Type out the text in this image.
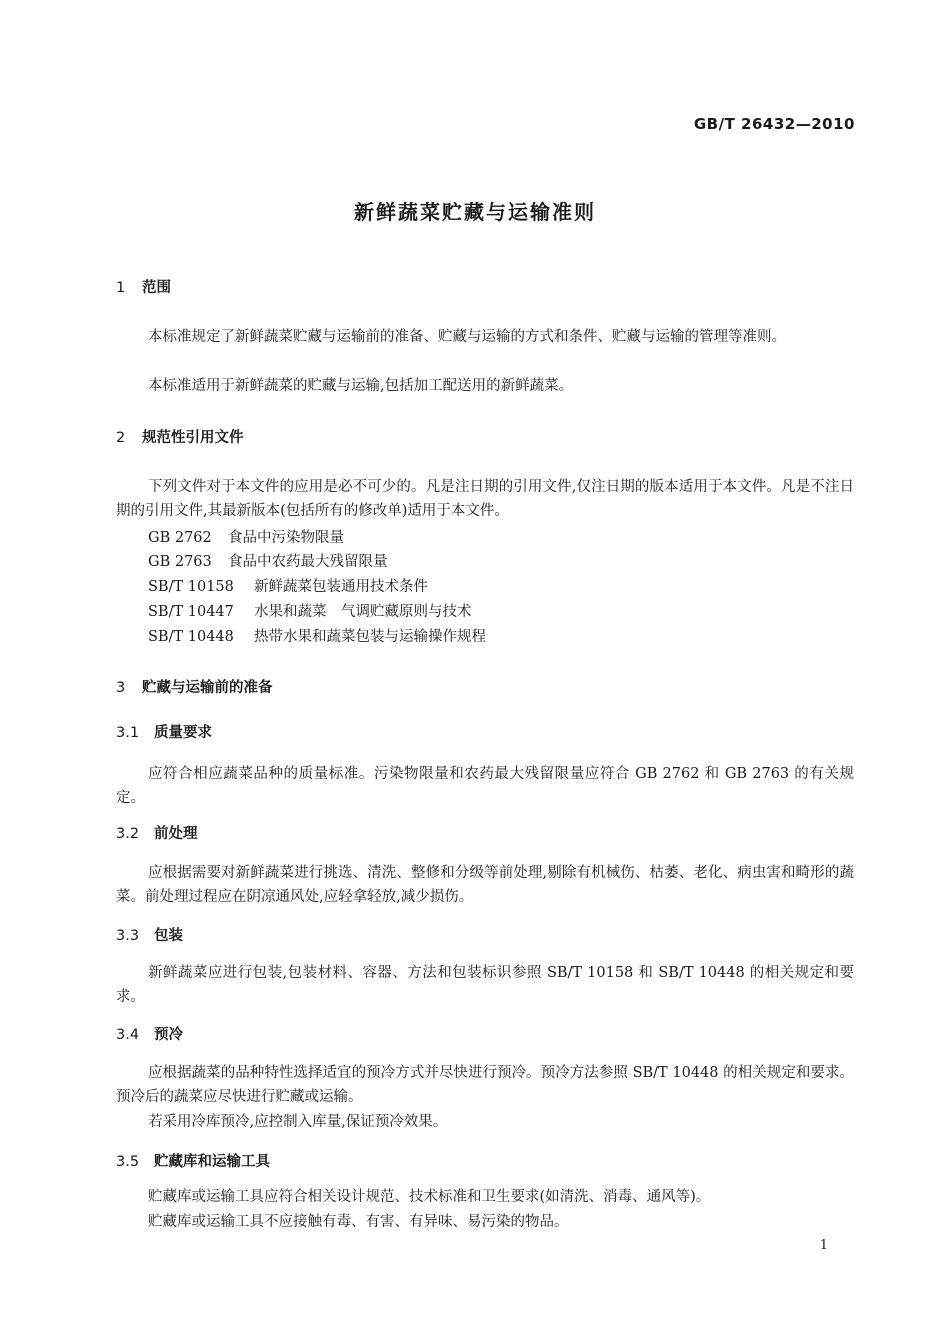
GB/T 26432—2010
新鲜蔬菜贮藏与运输准则
1 范围
本标准规定了新鲜蔬菜贮藏与运输前的准备、贮藏与运输的方式和条件、贮藏与运输的管理等准则。
本标准适用于新鲜蔬菜的贮藏与运输,包括加工配送用的新鲜蔬菜。
2 规范性引用文件
下列文件对于本文件的应用是必不可少的。凡是注日期的引用文件,仅注日期的版本适用于本文件。凡是不注日期的引用文件,其最新版本(包括所有的修改单)适用于本文件。
GB 2762 食品中污染物限量
GB 2763 食品中农药最大残留限量
SB/T 10158 新鲜蔬菜包装通用技术条件
SB/T 10447 水果和蔬菜　气调贮藏原则与技术
SB/T 10448 热带水果和蔬菜包装与运输操作规程
3 贮藏与运输前的准备
3.1 质量要求
应符合相应蔬菜品种的质量标准。污染物限量和农药最大残留限量应符合 GB 2762 和 GB 2763 的有关规定。
3.2 前处理
应根据需要对新鲜蔬菜进行挑选、清洗、整修和分级等前处理,剔除有机械伤、枯萎、老化、病虫害和畸形的蔬菜。前处理过程应在阴凉通风处,应轻拿轻放,减少损伤。
3.3 包装
新鲜蔬菜应进行包装,包装材料、容器、方法和包装标识参照 SB/T 10158 和 SB/T 10448 的相关规定和要求。
3.4 预冷
应根据蔬菜的品种特性选择适宜的预冷方式并尽快进行预冷。预冷方法参照 SB/T 10448 的相关规定和要求。预冷后的蔬菜应尽快进行贮藏或运输。
若采用冷库预冷,应控制入库量,保证预冷效果。
3.5 贮藏库和运输工具
贮藏库或运输工具应符合相关设计规范、技术标准和卫生要求(如清洗、消毒、通风等)。
贮藏库或运输工具不应接触有毒、有害、有异味、易污染的物品。
1
